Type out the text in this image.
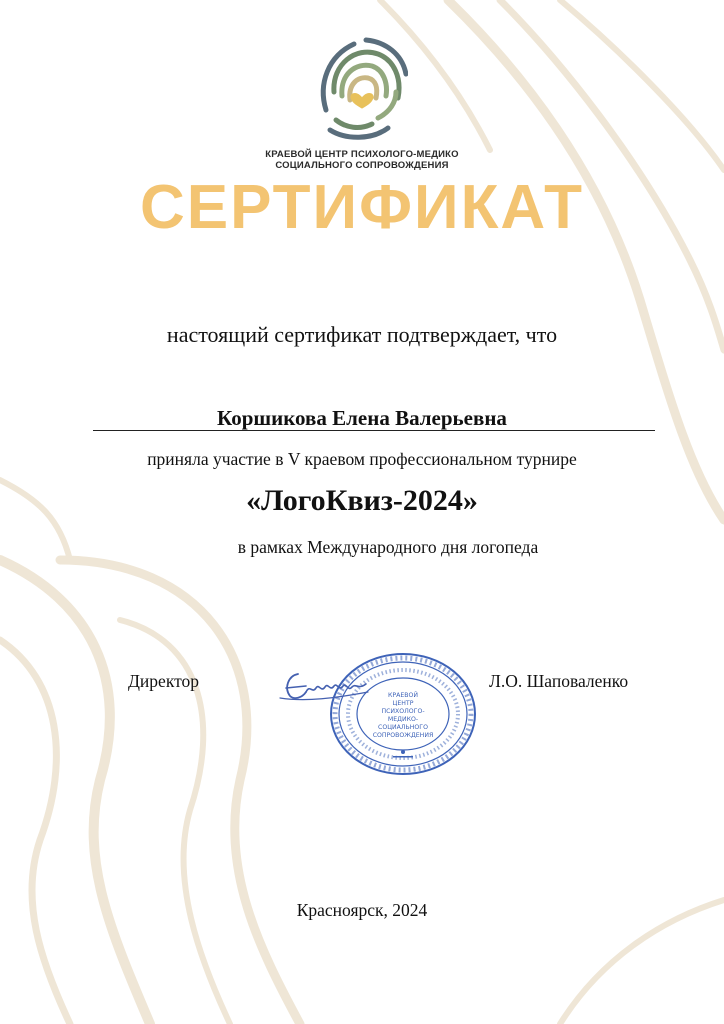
КРАЕВОЙ ЦЕНТР ПСИХОЛОГО-МЕДИКО
СОЦИАЛЬНОГО СОПРОВОЖДЕНИЯ
СЕРТИФИКАТ
настоящий сертификат подтверждает, что
Коршикова Елена Валерьевна
приняла участие в V краевом профессиональном турнире
«ЛогоКвиз-2024»
в рамках Международного дня логопеда
Директор
КРАЕВОЙ
ЦЕНТР
ПСИХОЛОГО-
МЕДИКО-
СОЦИАЛЬНОГО
СОПРОВОЖДЕНИЯ
Л.О. Шаповаленко
Красноярск, 2024
